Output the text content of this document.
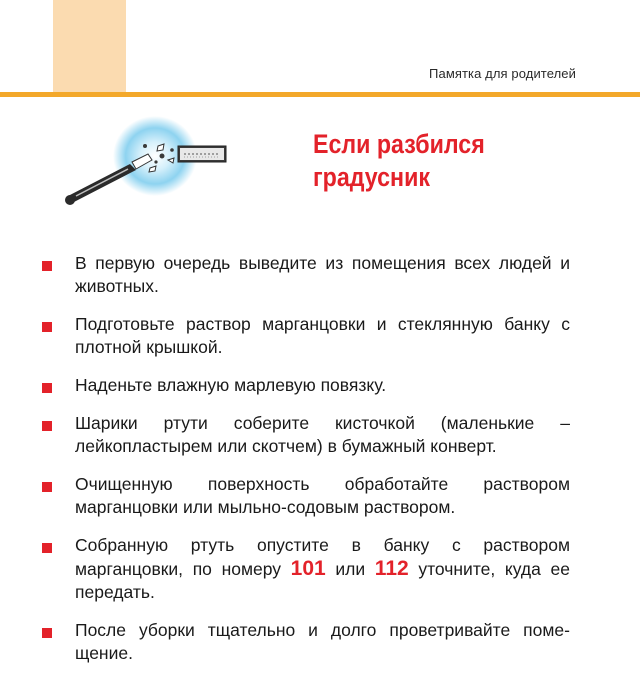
Памятка для родителей
Если разбился
градусник
В первую очередь выведите из помещения всех людей и животных.
Подготовьте раствор марганцовки и стеклянную банку с плотной крышкой.
Наденьте влажную марлевую повязку.
Шарики ртути соберите кисточкой (маленькие – лейкопластырем или скотчем) в бумажный конверт.
Очищенную поверхность обработайте раствором марганцовки или мыльно-содовым раствором.
Собранную ртуть опустите в банку с раствором марганцовки, по номеру 101 или 112 уточните, куда ее передать.
После уборки тщательно и долго проветривайте поме-щение.
